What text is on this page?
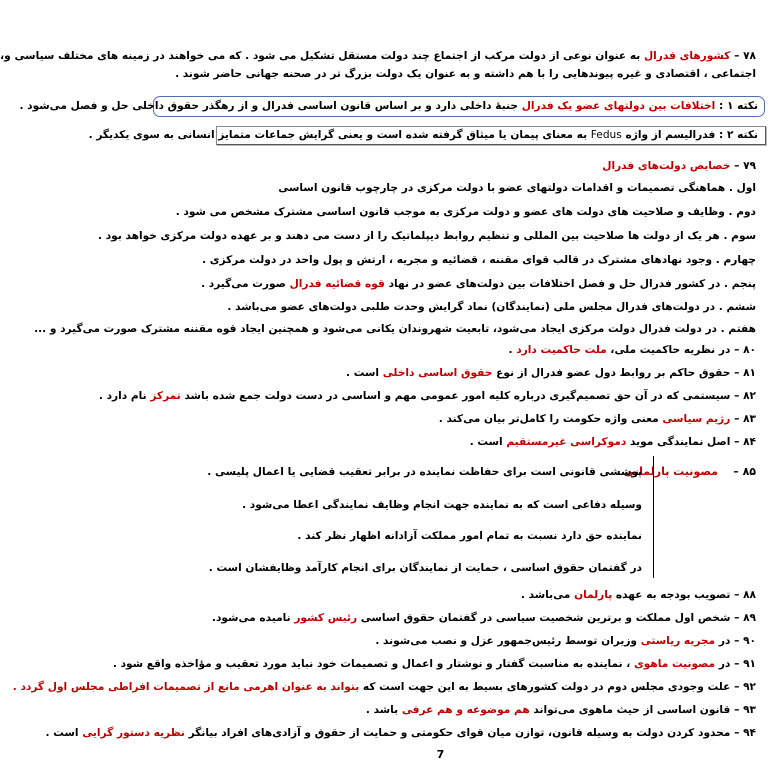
۷۸ – کشورهای فدرال به عنوان نوعی از دولت مرکب از اجتماع چند دولت مستقل تشکیل می شود . که می خواهند در زمینه های مختلف سیاسی و،
اجتماعی ، اقتصادی و غیره پیوندهایی را با هم داشته و به عنوان یک دولت بزرگ تر در صحنه جهانی حاضر شوند .
نکته ۱ : اختلافات بین دولتهای عضو یک فدرال جنبهٔ داخلی دارد و بر اساس قانون اساسی فدرال و از رهگذر حقوق داخلی حل و فصل می‌شود .
نکته ۲ : فدرالیسم از واژه Fedus به معنای پیمان یا میثاق گرفته شده است و یعنی گرایش جماعات متمایز انسانی به سوی یکدیگر .
۷۹ – خصایص دولت‌های فدرال
اول . هماهنگی تصمیمات و اقدامات دولتهای عضو با دولت مرکزی در چارچوب قانون اساسی
دوم . وظایف و صلاحیت های دولت های عضو و دولت مرکزی به موجب قانون اساسی مشترک مشخص می شود .
سوم . هر یک از دولت ها صلاحیت بین المللی و تنظیم روابط دیپلماتیک را از دست می دهند و بر عهده دولت مرکزی خواهد بود .
چهارم . وجود نهادهای مشترک در قالب قوای مقننه ، قضائیه و مجریه ، ارتش و پول واحد در دولت مرکزی .
پنجم . در کشور فدرال حل و فصل اختلافات بین دولت‌های عضو در نهاد قوه قضائیه فدرال صورت می‌گیرد .
ششم . در دولت‌های فدرال مجلس ملی (نمایندگان) نماد گرایش وحدت طلبی دولت‌های عضو می‌باشد .
هفتم . در دولت فدرال دولت مرکزی ایجاد می‌شود، تابعیت شهروندان یکانی می‌شود و همچنین ایجاد قوه مقننه مشترک صورت می‌گیرد و ...
۸۰ – در نظریه حاکمیت ملی، ملت حاکمیت دارد .
۸۱ – حقوق حاکم بر روابط دول عضو فدرال از نوع حقوق اساسی داخلی است .
۸۲ – سیستمی که در آن حق تصمیم‌گیری درباره کلیه امور عمومی مهم و اساسی در دست دولت جمع شده باشد تمرکز نام دارد .
۸۳ – رژیم سیاسی معنی واژه حکومت را کامل‌تر بیان می‌کند .
۸۴ – اصل نمایندگی موید دموکراسی غیرمستقیم است .
۸۵ –
مصونیت پارلمانی
پوششی قانونی است برای حفاظت نماینده در برابر تعقیب قضایی یا اعمال پلیسی .
وسیله دفاعی است که به نماینده جهت انجام وظایف نمایندگی اعطا می‌شود .
نماینده حق دارد نسبت به تمام امور مملکت آزادانه اظهار نظر کند .
در گفتمان حقوق اساسی ، حمایت از نمایندگان برای انجام کارآمد وظایفشان است .
۸۸ – تصویب بودجه به عهده پارلمان می‌باشد .
۸۹ – شخص اول مملکت و برترین شخصیت سیاسی در گفتمان حقوق اساسی رئیس کشور نامیده می‌شود.
۹۰ – در مجریه ریاستی وزیران توسط رئیس‌جمهور عزل و نصب می‌شوند .
۹۱ – در مصونیت ماهوی ، نماینده به مناسبت گفتار و نوشتار و اعمال و تصمیمات خود نباید مورد تعقیب و مؤاخذه واقع شود .
۹۲ – علت وجودی مجلس دوم در دولت کشورهای بسیط به این جهت است که بتواند به عنوان اهرمی مانع از تصمیمات افراطی مجلس اول گردد .
۹۳ – قانون اساسی از حیث ماهوی می‌تواند هم موضوعه و هم عرفی باشد .
۹۴ – محدود کردن دولت به وسیله قانون، توازن میان قوای حکومتی و حمایت از حقوق و آزادی‌های افراد بیانگر نظریه دستور گرایی است .
7
